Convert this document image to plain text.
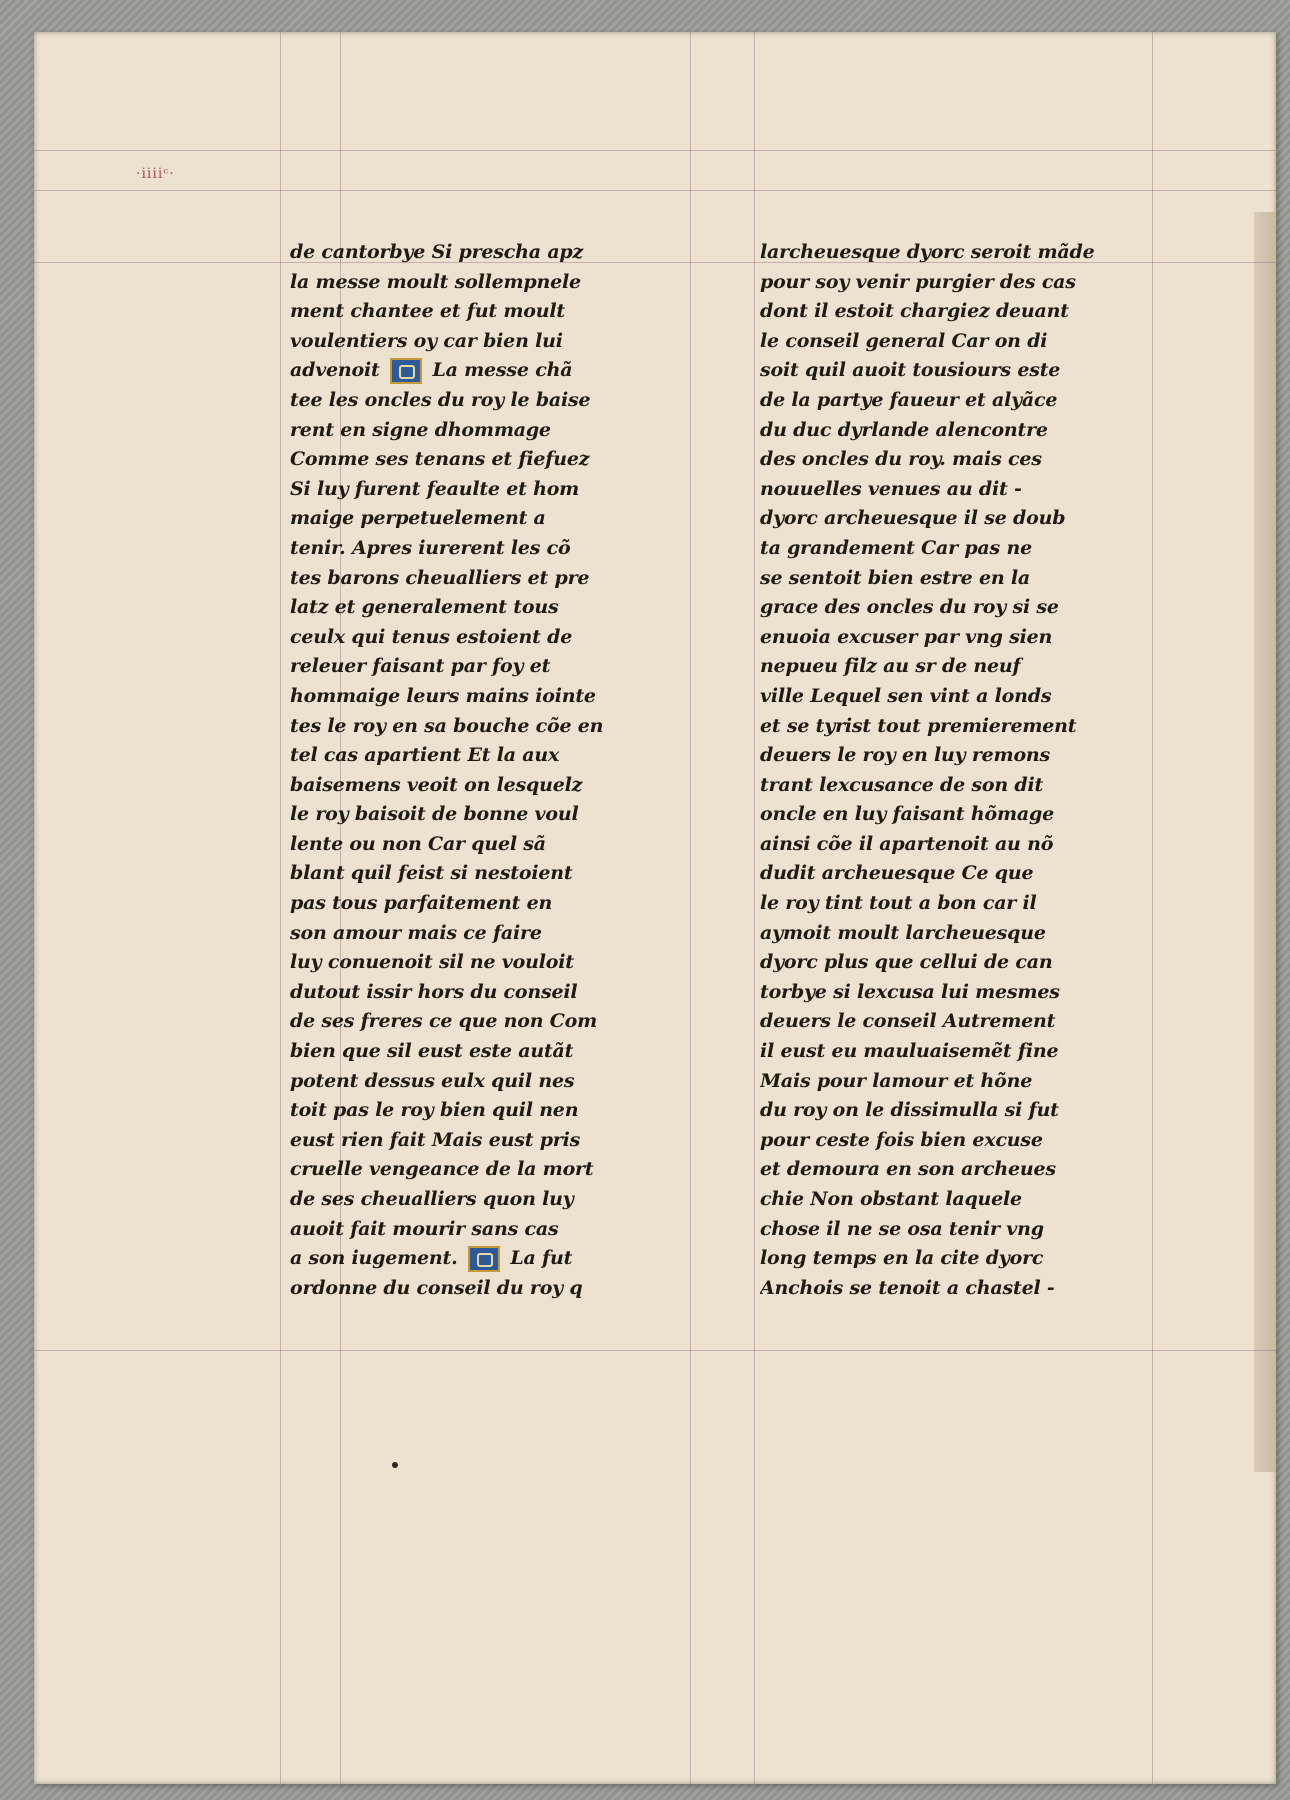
·iiiiᶜ·
de cantorbye Si prescha apz
la messe moult sollempnele
ment chantee et fut moult
voulentiers oy car bien lui
advenoit  La messe chã
tee les oncles du roy le baise
rent en signe dhommage
Comme ses tenans et fiefuez
Si luy furent feaulte et hom
maige perpetuelement a
tenir. Apres iurerent les cõ
tes barons cheualliers et pre
latz et generalement tous
ceulx qui tenus estoient de
releuer faisant par foy et
hommaige leurs mains iointe
tes le roy en sa bouche cõe en
tel cas apartient Et la aux
baisemens veoit on lesquelz
le roy baisoit de bonne voul
lente ou non Car quel sã
blant quil feist si nestoient
pas tous parfaitement en
son amour mais ce faire
luy conuenoit sil ne vouloit
dutout issir hors du conseil
de ses freres ce que non Com
bien que sil eust este autãt
potent dessus eulx quil nes
toit pas le roy bien quil nen
eust rien fait Mais eust pris
cruelle vengeance de la mort
de ses cheualliers quon luy
auoit fait mourir sans cas
a son iugement.  La fut
ordonne du conseil du roy q
larcheuesque dyorc seroit mãde
pour soy venir purgier des cas
dont il estoit chargiez deuant
le conseil general Car on di
soit quil auoit tousiours este
de la partye faueur et alyãce
du duc dyrlande alencontre
des oncles du roy. mais ces
nouuelles venues au dit -
dyorc archeuesque il se doub
ta grandement Car pas ne
se sentoit bien estre en la
grace des oncles du roy si se
enuoia excuser par vng sien
nepueu filz au sr de neuf
ville Lequel sen vint a londs
et se tyrist tout premierement
deuers le roy en luy remons
trant lexcusance de son dit
oncle en luy faisant hõmage
ainsi cõe il apartenoit au nõ
dudit archeuesque Ce que
le roy tint tout a bon car il
aymoit moult larcheuesque
dyorc plus que cellui de can
torbye si lexcusa lui mesmes
deuers le conseil Autrement
il eust eu mauluaisemẽt fine
Mais pour lamour et hõne
du roy on le dissimulla si fut
pour ceste fois bien excuse
et demoura en son archeues
chie Non obstant laquele
chose il ne se osa tenir vng
long temps en la cite dyorc
Anchois se tenoit a chastel -
